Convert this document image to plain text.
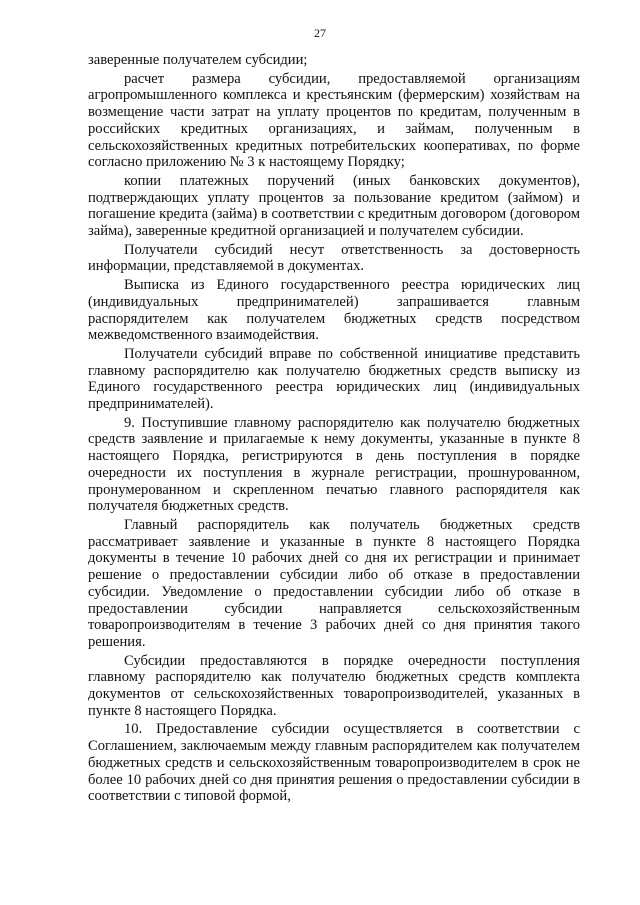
27

заверенные получателем субсидии;

расчет размера субсидии, предоставляемой организациям агропромышленного комплекса и крестьянским (фермерским) хозяйствам на возмещение части затрат на уплату процентов по кредитам, полученным в российских кредитных организациях, и займам, полученным в сельскохозяйственных кредитных потребительских кооперативах, по форме согласно приложению № 3 к настоящему Порядку;

копии платежных поручений (иных банковских документов), подтверждающих уплату процентов за пользование кредитом (займом) и погашение кредита (займа) в соответствии с кредитным договором (договором займа), заверенные кредитной организацией и получателем субсидии.

Получатели субсидий несут ответственность за достоверность информации, представляемой в документах.

Выписка из Единого государственного реестра юридических лиц (индивидуальных предпринимателей) запрашивается главным распорядителем как получателем бюджетных средств посредством межведомственного взаимодействия.

Получатели субсидий вправе по собственной инициативе представить главному распорядителю как получателю бюджетных средств выписку из Единого государственного реестра юридических лиц (индивидуальных предпринимателей).

9. Поступившие главному распорядителю как получателю бюджетных средств заявление и прилагаемые к нему документы, указанные в пункте 8 настоящего Порядка, регистрируются в день поступления в порядке очередности их поступления в журнале регистрации, прошнурованном, пронумерованном и скрепленном печатью главного распорядителя как получателя бюджетных средств.

Главный распорядитель как получатель бюджетных средств рассматривает заявление и указанные в пункте 8 настоящего Порядка документы в течение 10 рабочих дней со дня их регистрации и принимает решение о предоставлении субсидии либо об отказе в предоставлении субсидии. Уведомление о предоставлении субсидии либо об отказе в предоставлении субсидии направляется сельскохозяйственным товаропроизводителям в течение 3 рабочих дней со дня принятия такого решения.

Субсидии предоставляются в порядке очередности поступления главному распорядителю как получателю бюджетных средств комплекта документов от сельскохозяйственных товаропроизводителей, указанных в пункте 8 настоящего Порядка.

10. Предоставление субсидии осуществляется в соответствии с Соглашением, заключаемым между главным распорядителем как получателем бюджетных средств и сельскохозяйственным товаропроизводителем в срок не более 10 рабочих дней со дня принятия решения о предоставлении субсидии в соответствии с типовой формой,
